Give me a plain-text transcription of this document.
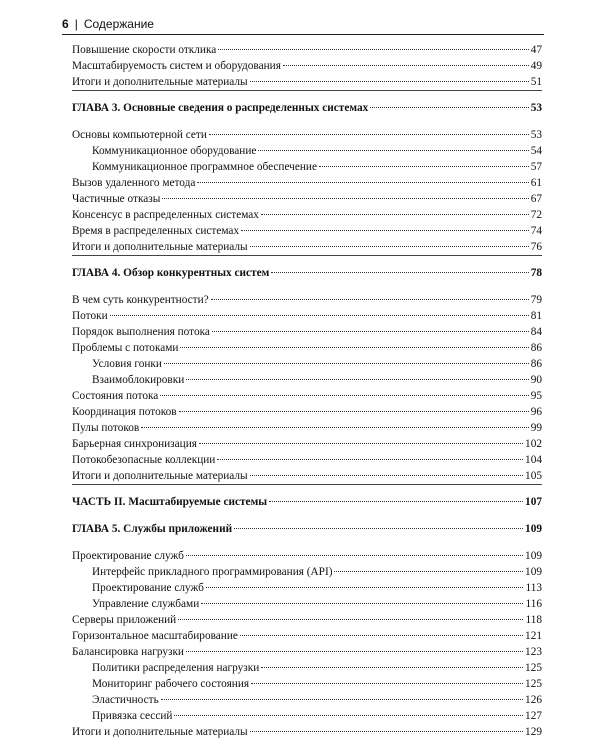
6 | Содержание
Повышение скорости отклика	47
Масштабируемость систем и оборудования	49
Итоги и дополнительные материалы	51
ГЛАВА 3. Основные сведения о распределенных системах	53
Основы компьютерной сети	53
Коммуникационное оборудование	54
Коммуникационное программное обеспечение	57
Вызов удаленного метода	61
Частичные отказы	67
Консенсус в распределенных системах	72
Время в распределенных системах	74
Итоги и дополнительные материалы	76
ГЛАВА 4. Обзор конкурентных систем	78
В чем суть конкурентности?	79
Потоки	81
Порядок выполнения потока	84
Проблемы с потоками	86
Условия гонки	86
Взаимоблокировки	90
Состояния потока	95
Координация потоков	96
Пулы потоков	99
Барьерная синхронизация	102
Потокобезопасные коллекции	104
Итоги и дополнительные материалы	105
ЧАСТЬ II. Масштабируемые системы	107
ГЛАВА 5. Службы приложений	109
Проектирование служб	109
Интерфейс прикладного программирования (API)	109
Проектирование служб	113
Управление службами	116
Серверы приложений	118
Горизонтальное масштабирование	121
Балансировка нагрузки	123
Политики распределения нагрузки	125
Мониторинг рабочего состояния	125
Эластичность	126
Привязка сессий	127
Итоги и дополнительные материалы	129
